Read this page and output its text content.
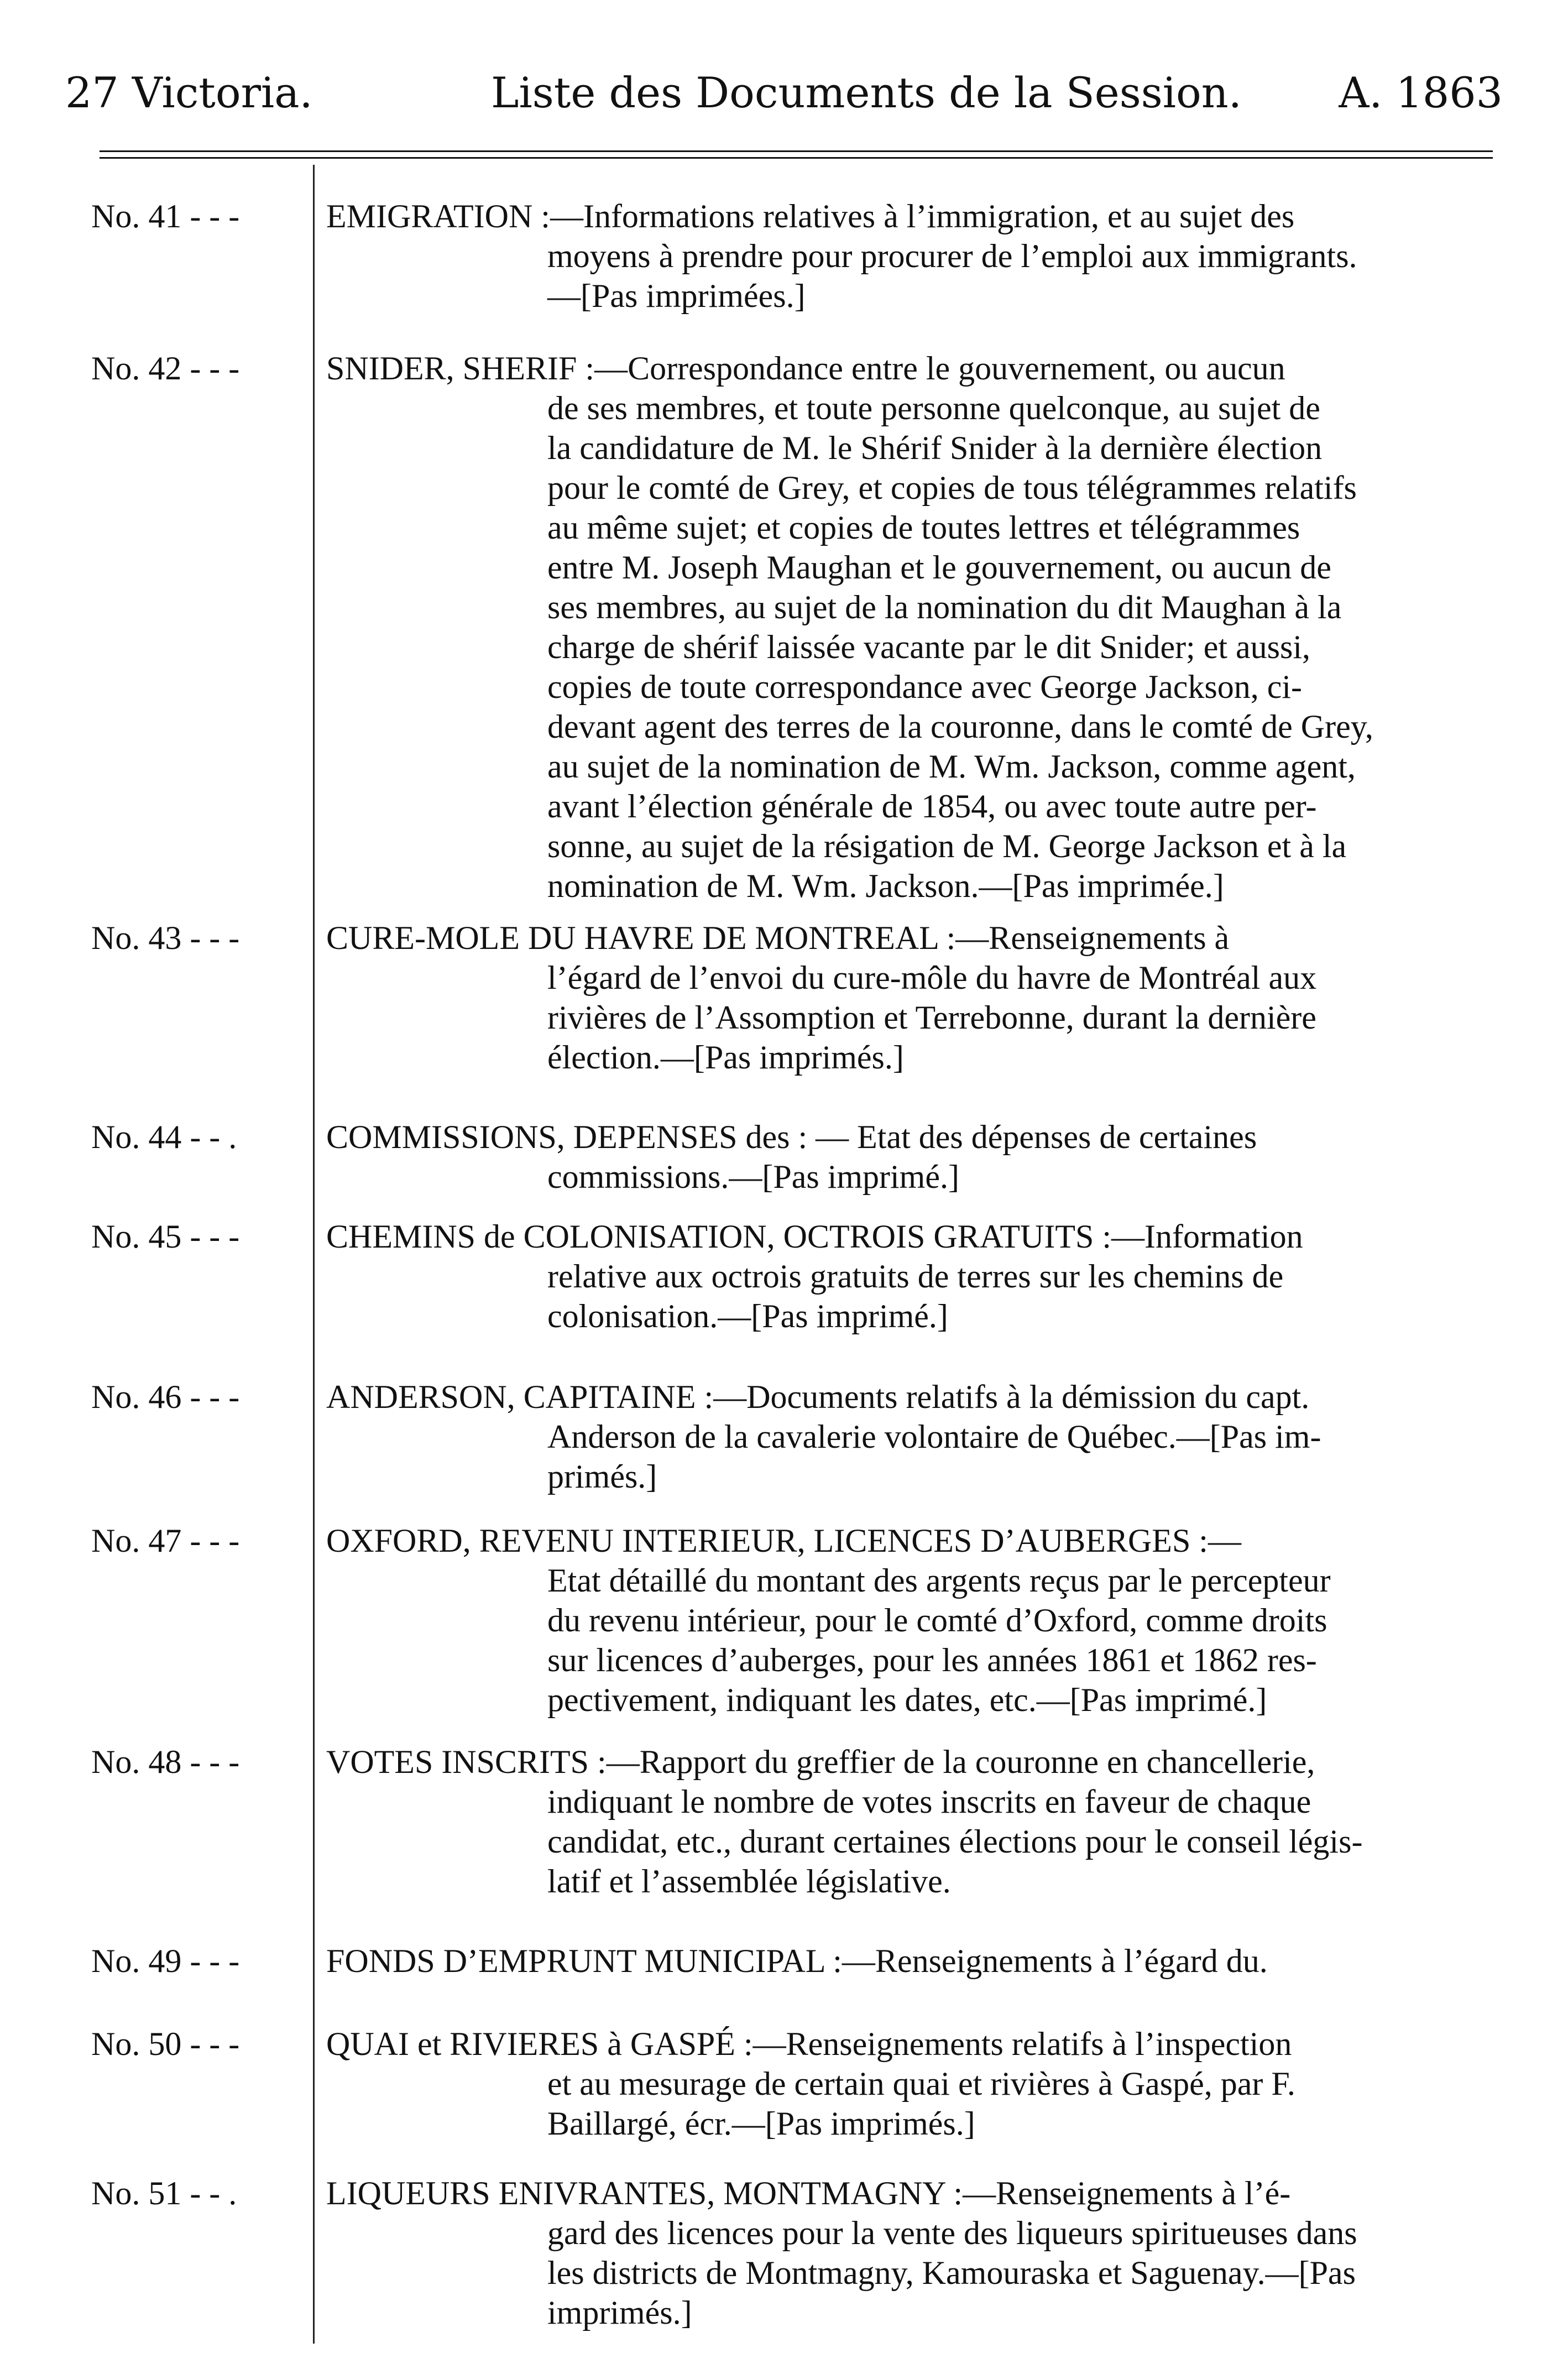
27 Victoria.	Liste des Documents de la Session. A. 1863
No. 41 - - -	EMIGRATION :—Informations relatives à l’immigration, et au sujet des
moyens à prendre pour procurer de l’emploi aux immigrants.
—[Pas imprimées.]
No. 42 - - -	SNIDER, SHERIF :—Correspondance entre le gouvernement, ou aucun
de ses membres, et toute personne quelconque, au sujet de
la candidature de M. le Shérif Snider à la dernière élection
pour le comté de Grey, et copies de tous télégrammes relatifs
au même sujet; et copies de toutes lettres et télégrammes
entre M. Joseph Maughan et le gouvernement, ou aucun de
ses membres, au sujet de la nomination du dit Maughan à la
charge de shérif laissée vacante par le dit Snider; et aussi,
copies de toute correspondance avec George Jackson, ci-
devant agent des terres de la couronne, dans le comté de Grey,
au sujet de la nomination de M. Wm. Jackson, comme agent,
avant l’élection générale de 1854, ou avec toute autre per-
sonne, au sujet de la résigation de M. George Jackson et à la
nomination de M. Wm. Jackson.—[Pas imprimée.]
No. 43 - - -	CURE-MOLE DU HAVRE DE MONTREAL :—Renseignements à
l’égard de l’envoi du cure-môle du havre de Montréal aux
rivières de l’Assomption et Terrebonne, durant la dernière
élection.—[Pas imprimés.]
No. 44 - - .	COMMISSIONS, DEPENSES des : — Etat des dépenses de certaines
commissions.—[Pas imprimé.]
No. 45 - - -	CHEMINS de COLONISATION, OCTROIS GRATUITS :—Information
relative aux octrois gratuits de terres sur les chemins de
colonisation.—[Pas imprimé.]
No. 46 - - -	ANDERSON, CAPITAINE :—Documents relatifs à la démission du capt.
Anderson de la cavalerie volontaire de Québec.—[Pas im-
primés.]
No. 47 - - -	OXFORD, REVENU INTERIEUR, LICENCES D’AUBERGES :—
Etat détaillé du montant des argents reçus par le percepteur
du revenu intérieur, pour le comté d’Oxford, comme droits
sur licences d’auberges, pour les années 1861 et 1862 res-
pectivement, indiquant les dates, etc.—[Pas imprimé.]
No. 48 - - -	VOTES INSCRITS :—Rapport du greffier de la couronne en chancellerie,
indiquant le nombre de votes inscrits en faveur de chaque
candidat, etc., durant certaines élections pour le conseil légis-
latif et l’assemblée législative.
No. 49 - - -	FONDS D’EMPRUNT MUNICIPAL :—Renseignements à l’égard du.
No. 50 - - -	QUAI et RIVIERES à GASPÉ :—Renseignements relatifs à l’inspection
et au mesurage de certain quai et rivières à Gaspé, par F.
Baillargé, écr.—[Pas imprimés.]
No. 51 - - .	LIQUEURS ENIVRANTES, MONTMAGNY :—Renseignements à l’é-
gard des licences pour la vente des liqueurs spiritueuses dans
les districts de Montmagny, Kamouraska et Saguenay.—[Pas
imprimés.]
